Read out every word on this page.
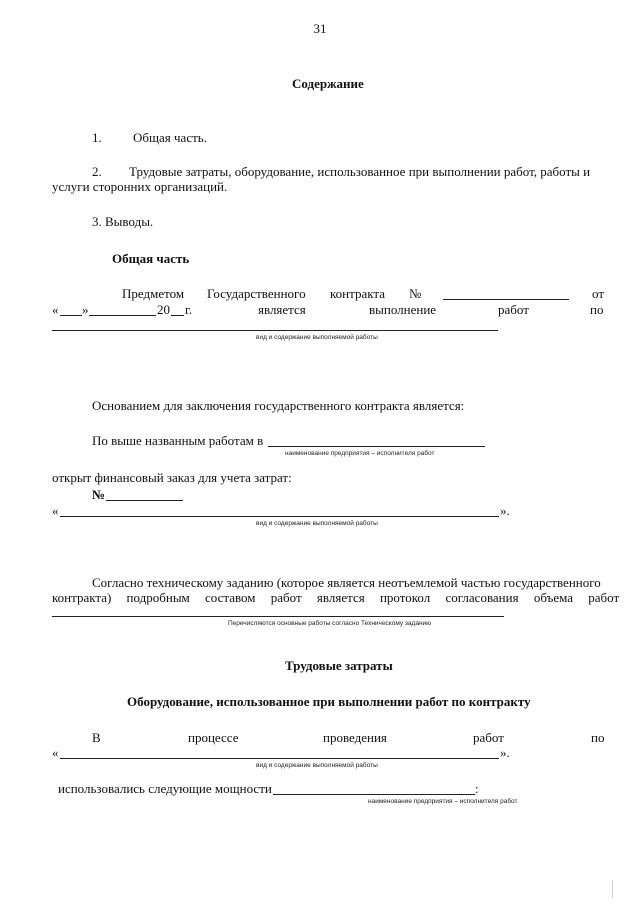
31
Содержание
1. Общая часть.
2. Трудовые затраты, оборудование, использованное при выполнении работ, работы и
услуги сторонних организаций.
3. Выводы.
Общая часть
Предметом Государственного контракта №	от
« »	20 г.	является	выполнение	работ	по
вид и содержание выполняемой работы
Основанием для заключения государственного контракта является:
По выше названным работам в
наименование предприятия – исполнителя работ
открыт финансовый заказ для учета затрат:
№
«	».
вид и содержание выполняемой работы
Согласно техническому заданию (которое является неотъемлемой частью государственного
контракта) подробным составом работ является протокол согласования объема работ
Перечисляются основные работы согласно Техническому заданию
Трудовые затраты
Оборудование, использованное при выполнении работ по контракту
В	процессе	проведения	работ	по
«	».
вид и содержание выполняемой работы
использовались следующие мощности	:
наименование предприятия – исполнителя работ
